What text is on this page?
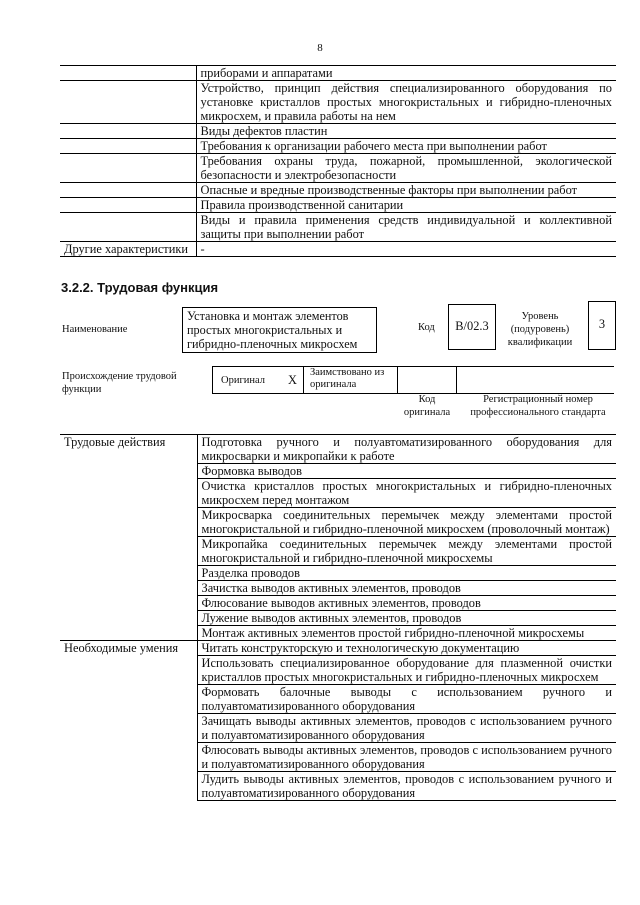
8
	приборами и аппаратами
	Устройство, принцип действия специализированного оборудования по установке кристаллов простых многокристальных и гибридно-пленочных микросхем, и правила работы на нем
	Виды дефектов пластин
	Требования к организации рабочего места при выполнении работ
	Требования охраны труда, пожарной, промышленной, экологической безопасности и электробезопасности
	Опасные и вредные производственные факторы при выполнении работ
	Правила производственной санитарии
	Виды и правила применения средств индивидуальной и коллективной защиты при выполнении работ
Другие характеристики	-
3.2.2. Трудовая функция
Наименование
Установка и монтаж элементов простых многокристальных и гибридно-пленочных микросхем
Код	B/02.3
Уровень (подуровень) квалификации
3
Происхождение трудовой функции
Оригинал X
Заимствовано из оригинала
Код оригинала
Регистрационный номер профессионального стандарта
Трудовые действия	Подготовка ручного и полуавтоматизированного оборудования для микросварки и микропайки к работе
	Формовка выводов
	Очистка кристаллов простых многокристальных и гибридно-пленочных микросхем перед монтажом
	Микросварка соединительных перемычек между элементами простой многокристальной и гибридно-пленочной микросхем (проволочный монтаж)
	Микропайка соединительных перемычек между элементами простой многокристальной и гибридно-пленочной микросхемы
	Разделка проводов
	Зачистка выводов активных элементов, проводов
	Флюсование выводов активных элементов, проводов
	Лужение выводов активных элементов, проводов
	Монтаж активных элементов простой гибридно-пленочной микросхемы
Необходимые умения	Читать конструкторскую и технологическую документацию
	Использовать специализированное оборудование для плазменной очистки кристаллов простых многокристальных и гибридно-пленочных микросхем
	Формовать балочные выводы с использованием ручного и полуавтоматизированного оборудования
	Зачищать выводы активных элементов, проводов с использованием ручного и полуавтоматизированного оборудования
	Флюсовать выводы активных элементов, проводов с использованием ручного и полуавтоматизированного оборудования
	Лудить выводы активных элементов, проводов с использованием ручного и полуавтоматизированного оборудования
